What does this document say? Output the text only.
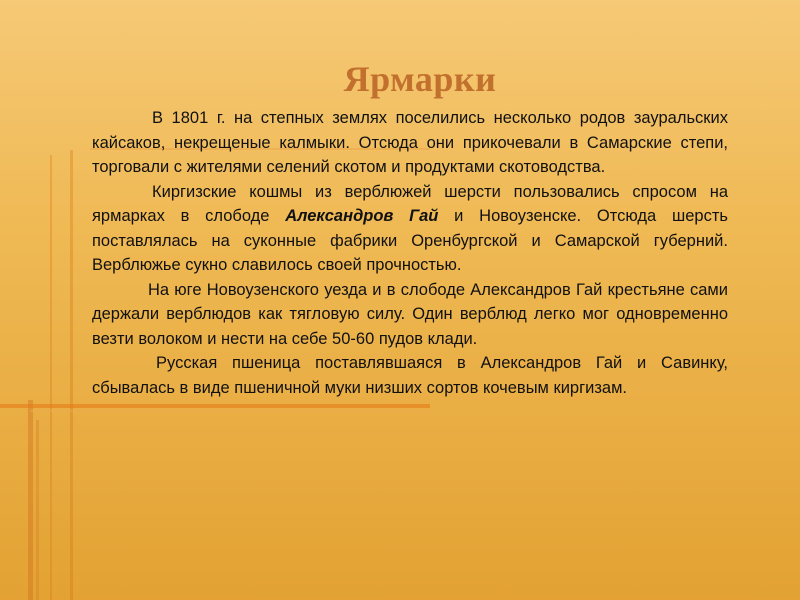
Ярмарки

В 1801 г. на степных землях поселились несколько родов зауральских кайсаков, некрещеные калмыки. Отсюда они прикочевали в Самарские степи, торговали с жителями селений скотом и продуктами скотоводства.

Киргизские кошмы из верблюжей шерсти пользовались спросом на ярмарках в слободе Александров Гай и Новоузенске. Отсюда шерсть поставлялась на суконные фабрики Оренбургской и Самарской губерний. Верблюжье сукно славилось своей прочностью.

На юге Новоузенского уезда и в слободе Александров Гай крестьяне сами держали верблюдов как тягловую силу. Один верблюд легко мог одновременно везти волоком и нести на себе 50-60 пудов клади.

Русская пшеница поставлявшаяся в Александров Гай и Савинку, сбывалась в виде пшеничной муки низших сортов кочевым киргизам.
